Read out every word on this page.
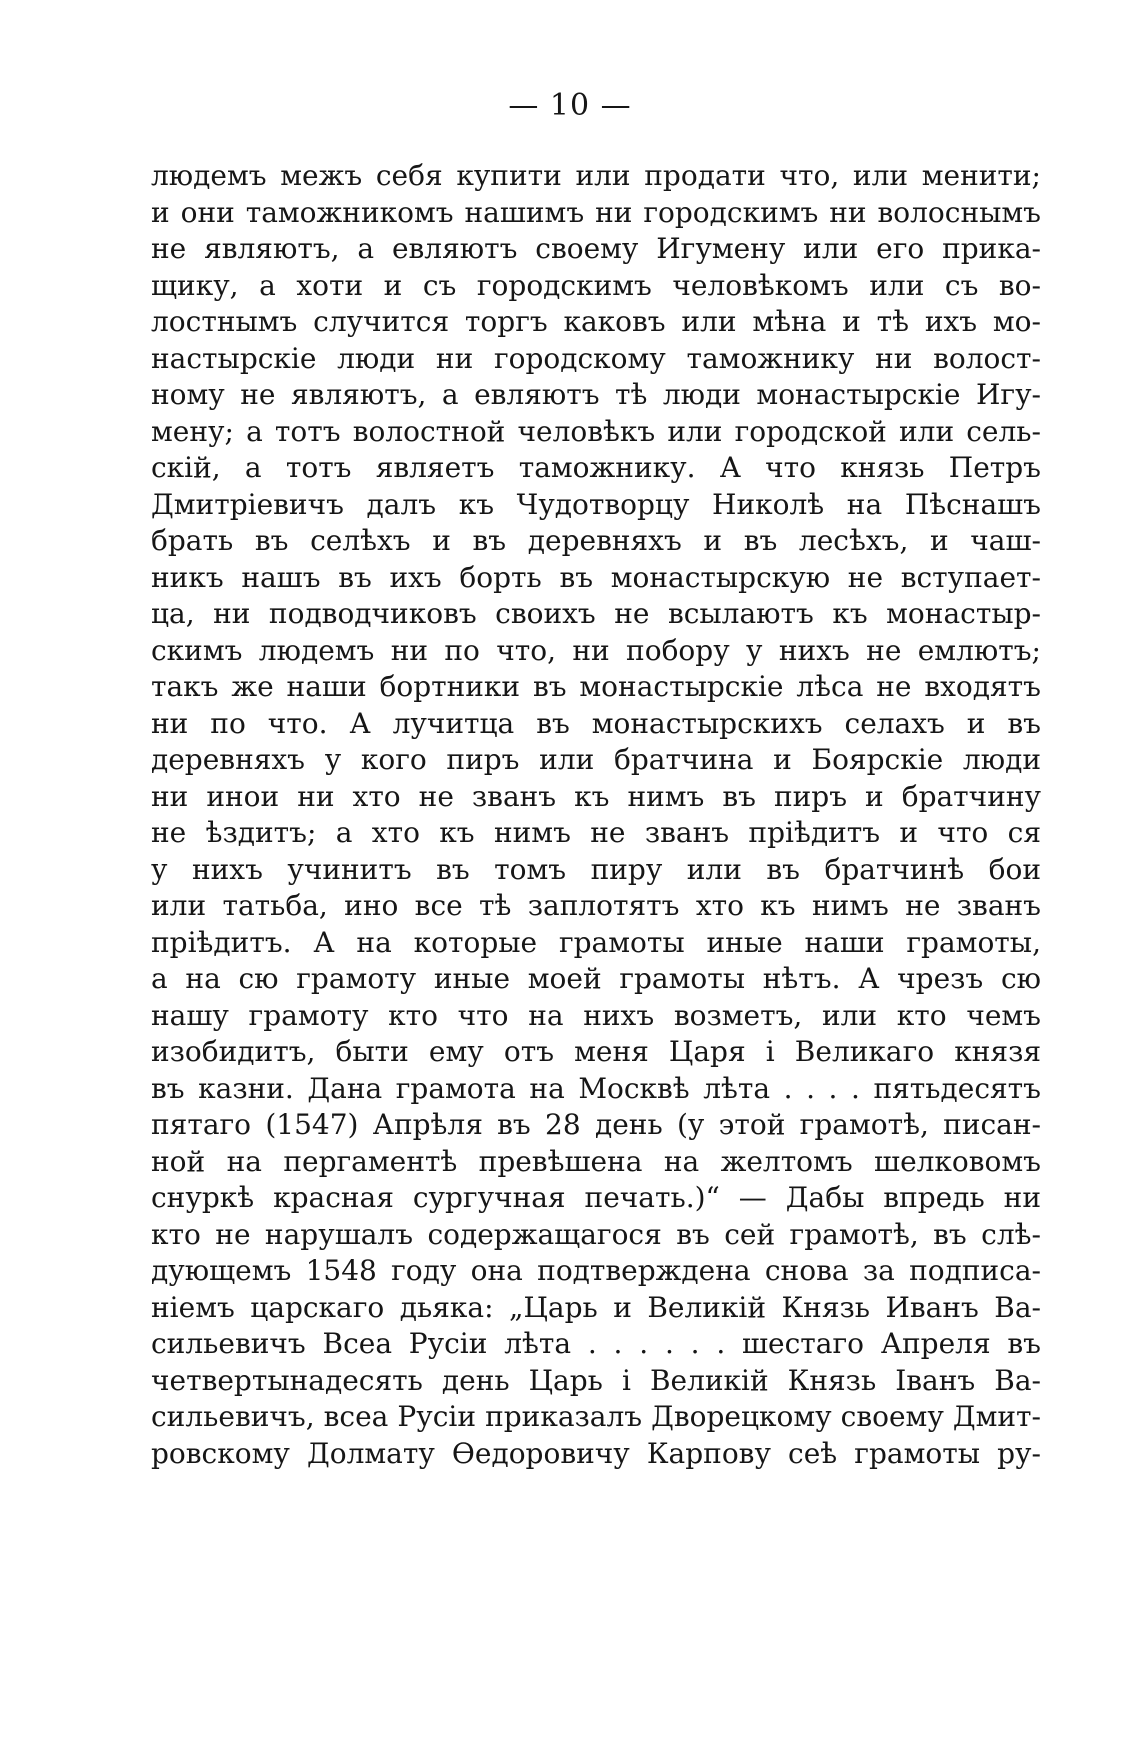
— 10 —
людемъ межъ себя купити или продати что, или менити;
и они таможникомъ нашимъ ни городскимъ ни волоснымъ
не являютъ, а евляютъ своему Игумену или его прика-
щику, а хоти и съ городскимъ человѣкомъ или съ во-
лостнымъ случится торгъ каковъ или мѣна и тѣ ихъ мо-
настырскіе люди ни городскому таможнику ни волост-
ному не являютъ, а евляютъ тѣ люди монастырскіе Игу-
мену; а тотъ волостной человѣкъ или городской или сель-
скій, а тотъ являетъ таможнику. А что князь Петръ
Дмитріевичъ далъ къ Чудотворцу Николѣ на Пѣснашъ
брать въ селѣхъ и въ деревняхъ и въ лесѣхъ, и чаш-
никъ нашъ въ ихъ борть въ монастырскую не вступает-
ца, ни подводчиковъ своихъ не всылаютъ къ монастыр-
скимъ людемъ ни по что, ни побору у нихъ не емлютъ;
такъ же наши бортники въ монастырскіе лѣса не входятъ
ни по что. А лучитца въ монастырскихъ селахъ и въ
деревняхъ у кого пиръ или братчина и Боярскіе люди
ни инои ни хто не званъ къ нимъ въ пиръ и братчину
не ѣздитъ; а хто къ нимъ не званъ пріѣдитъ и что ся
у нихъ учинитъ въ томъ пиру или въ братчинѣ бои
или татьба, ино все тѣ заплотятъ хто къ нимъ не званъ
пріѣдитъ. А на которые грамоты иные наши грамоты,
а на сю грамоту иные моей грамоты нѣтъ. А чрезъ сю
нашу грамоту кто что на нихъ возметъ, или кто чемъ
изобидитъ, быти ему отъ меня Царя і Великаго князя
въ казни. Дана грамота на Москвѣ лѣта . . . . пятьдесятъ
пятаго (1547) Апрѣля въ 28 день (у этой грамотѣ, писан-
ной на пергаментѣ превѣшена на желтомъ шелковомъ
снуркѣ красная сургучная печать.)“ — Дабы впредь ни
кто не нарушалъ содержащагося въ сей грамотѣ, въ слѣ-
дующемъ 1548 году она подтверждена снова за подписа-
ніемъ царскаго дьяка: „Царь и Великій Князь Иванъ Ва-
сильевичъ Всеа Русіи лѣта . . . . . . шестаго Апреля въ
четвертынадесять день Царь і Великій Князь Іванъ Ва-
сильевичъ, всеа Русіи приказалъ Дворецкому своему Дмит-
ровскому Долмату Ѳедоровичу Карпову сеѣ грамоты ру-
